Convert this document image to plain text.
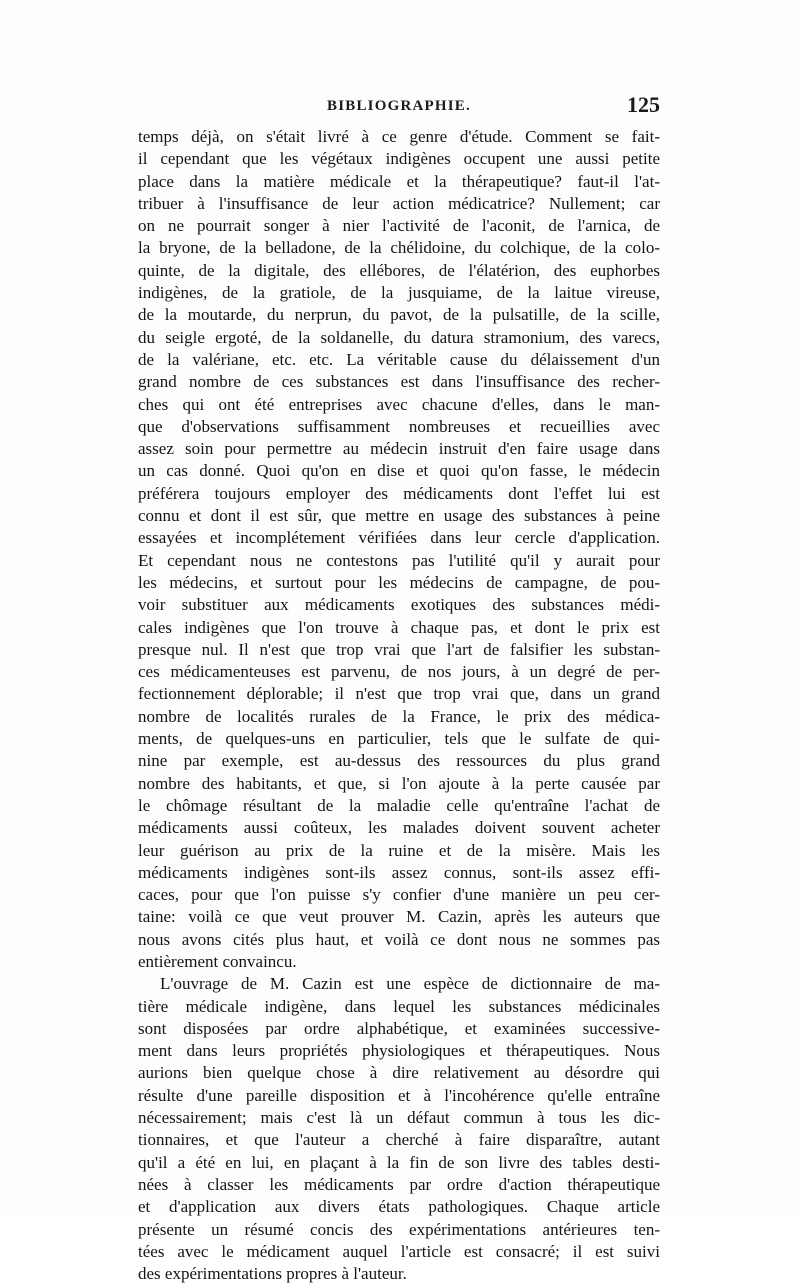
BIBLIOGRAPHIE.	125
temps déjà, on s'était livré à ce genre d'étude. Comment se fait-
il cependant que les végétaux indigènes occupent une aussi petite
place dans la matière médicale et la thérapeutique? faut-il l'at-
tribuer à l'insuffisance de leur action médicatrice? Nullement; car
on ne pourrait songer à nier l'activité de l'aconit, de l'arnica, de
la bryone, de la belladone, de la chélidoine, du colchique, de la colo-
quinte, de la digitale, des ellébores, de l'élatérion, des euphorbes
indigènes, de la gratiole, de la jusquiame, de la laitue vireuse,
de la moutarde, du nerprun, du pavot, de la pulsatille, de la scille,
du seigle ergoté, de la soldanelle, du datura stramonium, des varecs,
de la valériane, etc. etc. La véritable cause du délaissement d'un
grand nombre de ces substances est dans l'insuffisance des recher-
ches qui ont été entreprises avec chacune d'elles, dans le man-
que d'observations suffisamment nombreuses et recueillies avec
assez soin pour permettre au médecin instruit d'en faire usage dans
un cas donné. Quoi qu'on en dise et quoi qu'on fasse, le médecin
préférera toujours employer des médicaments dont l'effet lui est
connu et dont il est sûr, que mettre en usage des substances à peine
essayées et incomplétement vérifiées dans leur cercle d'application.
Et cependant nous ne contestons pas l'utilité qu'il y aurait pour
les médecins, et surtout pour les médecins de campagne, de pou-
voir substituer aux médicaments exotiques des substances médi-
cales indigènes que l'on trouve à chaque pas, et dont le prix est
presque nul. Il n'est que trop vrai que l'art de falsifier les substan-
ces médicamenteuses est parvenu, de nos jours, à un degré de per-
fectionnement déplorable; il n'est que trop vrai que, dans un grand
nombre de localités rurales de la France, le prix des médica-
ments, de quelques-uns en particulier, tels que le sulfate de qui-
nine par exemple, est au-dessus des ressources du plus grand
nombre des habitants, et que, si l'on ajoute à la perte causée par
le chômage résultant de la maladie celle qu'entraîne l'achat de
médicaments aussi coûteux, les malades doivent souvent acheter
leur guérison au prix de la ruine et de la misère. Mais les
médicaments indigènes sont-ils assez connus, sont-ils assez effi-
caces, pour que l'on puisse s'y confier d'une manière un peu cer-
taine: voilà ce que veut prouver M. Cazin, après les auteurs que
nous avons cités plus haut, et voilà ce dont nous ne sommes pas
entièrement convaincu.
L'ouvrage de M. Cazin est une espèce de dictionnaire de ma-
tière médicale indigène, dans lequel les substances médicinales
sont disposées par ordre alphabétique, et examinées successive-
ment dans leurs propriétés physiologiques et thérapeutiques. Nous
aurions bien quelque chose à dire relativement au désordre qui
résulte d'une pareille disposition et à l'incohérence qu'elle entraîne
nécessairement; mais c'est là un défaut commun à tous les dic-
tionnaires, et que l'auteur a cherché à faire disparaître, autant
qu'il a été en lui, en plaçant à la fin de son livre des tables desti-
nées à classer les médicaments par ordre d'action thérapeutique
et d'application aux divers états pathologiques. Chaque article
présente un résumé concis des expérimentations antérieures ten-
tées avec le médicament auquel l'article est consacré; il est suivi
des expérimentations propres à l'auteur.
